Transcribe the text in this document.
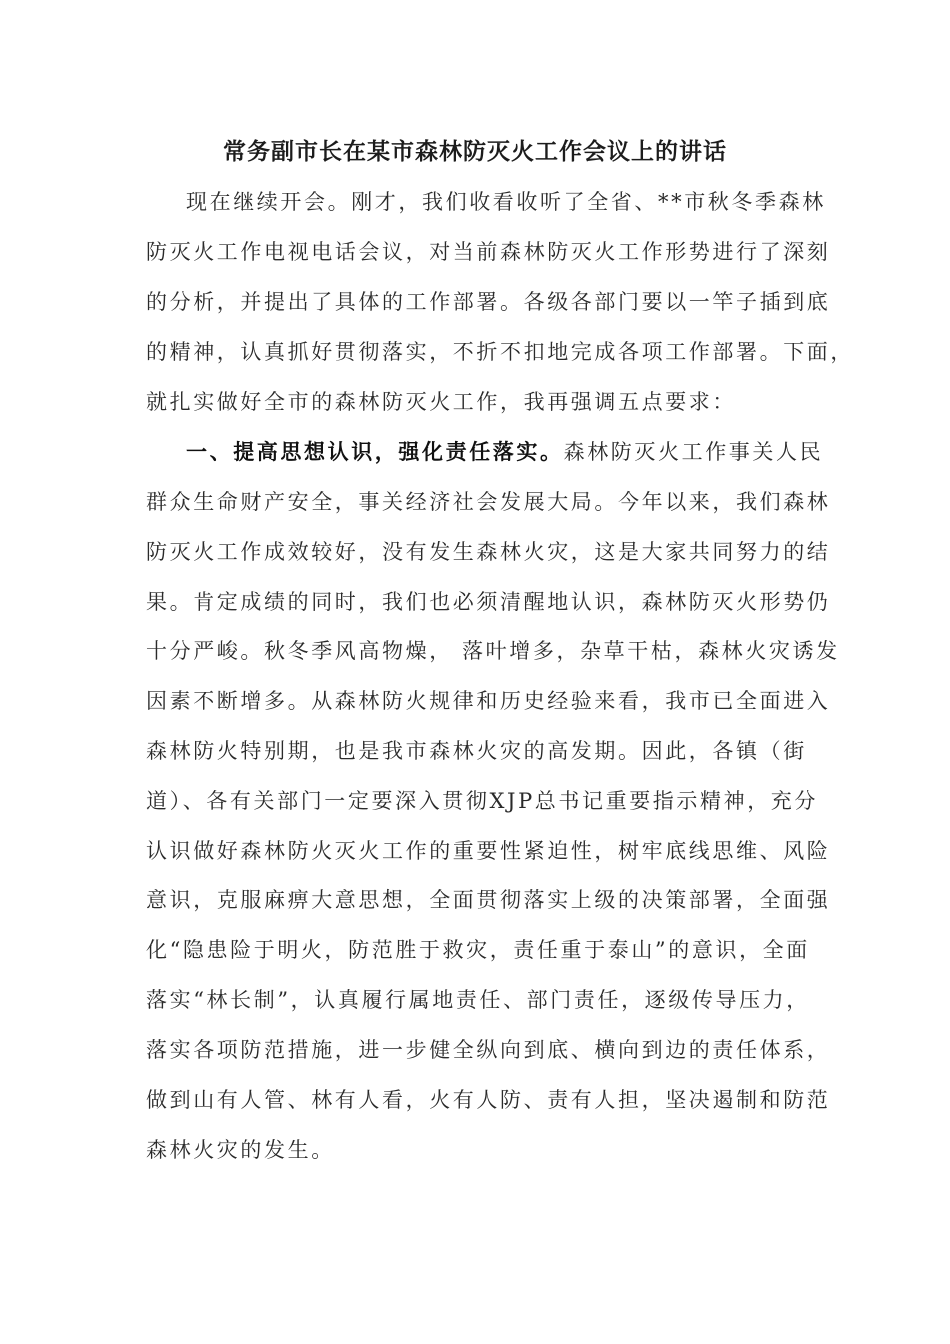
常务副市长在某市森林防灭火工作会议上的讲话
现在继续开会。刚才，我们收看收听了全省、**市秋冬季森林
防灭火工作电视电话会议，对当前森林防灭火工作形势进行了深刻
的分析，并提出了具体的工作部署。各级各部门要以一竿子插到底
的精神，认真抓好贯彻落实，不折不扣地完成各项工作部署。下面，
就扎实做好全市的森林防灭火工作，我再强调五点要求：
一、提高思想认识，强化责任落实。森林防灭火工作事关人民
群众生命财产安全，事关经济社会发展大局。今年以来，我们森林
防灭火工作成效较好，没有发生森林火灾，这是大家共同努力的结
果。肯定成绩的同时，我们也必须清醒地认识，森林防灭火形势仍
十分严峻。秋冬季风高物燥， 落叶增多，杂草干枯，森林火灾诱发
因素不断增多。从森林防火规律和历史经验来看，我市已全面进入
森林防火特别期，也是我市森林火灾的高发期。因此，各镇（街
道）、各有关部门一定要深入贯彻XJP总书记重要指示精神，充分
认识做好森林防火灭火工作的重要性紧迫性，树牢底线思维、风险
意识，克服麻痹大意思想，全面贯彻落实上级的决策部署，全面强
化“隐患险于明火，防范胜于救灾，责任重于泰山”的意识，全面
落实“林长制”，认真履行属地责任、部门责任，逐级传导压力，
落实各项防范措施，进一步健全纵向到底、横向到边的责任体系，
做到山有人管、林有人看，火有人防、责有人担，坚决遏制和防范
森林火灾的发生。
